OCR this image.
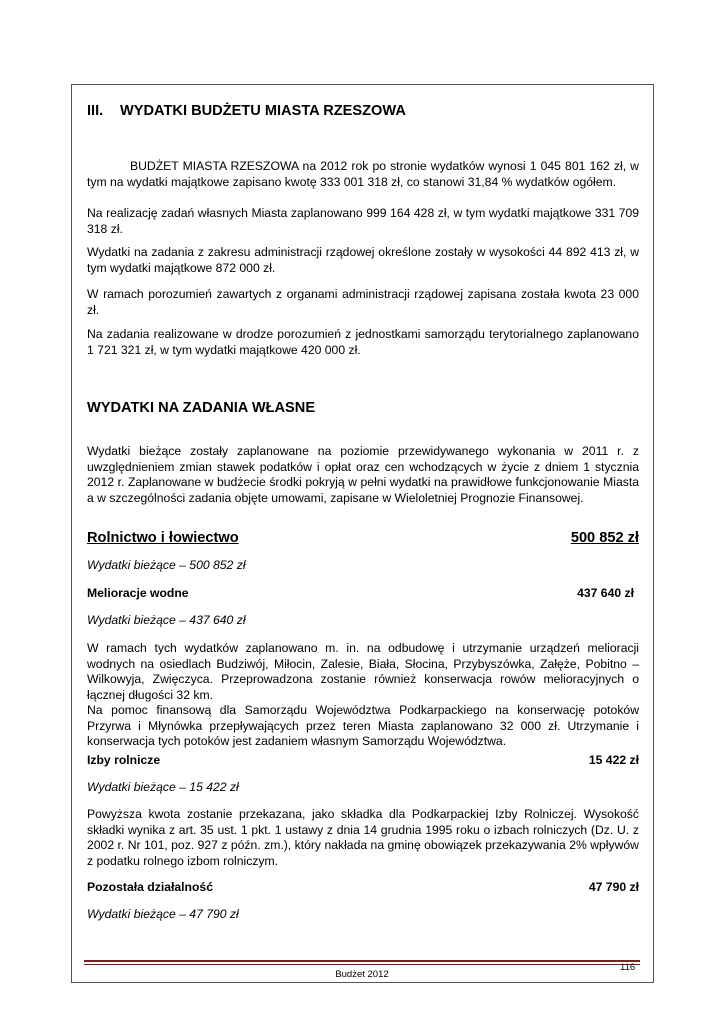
III. WYDATKI BUDŻETU MIASTA RZESZOWA

BUDŻET MIASTA RZESZOWA na 2012 rok po stronie wydatków wynosi 1 045 801 162 zł, w tym na wydatki majątkowe zapisano kwotę 333 001 318 zł, co stanowi 31,84 % wydatków ogółem.

Na realizację zadań własnych Miasta zaplanowano 999 164 428 zł, w tym wydatki majątkowe 331 709 318 zł.

Wydatki na zadania z zakresu administracji rządowej określone zostały w wysokości 44 892 413 zł, w tym wydatki majątkowe 872 000 zł.

W ramach porozumień zawartych z organami administracji rządowej zapisana została kwota 23 000 zł.

Na zadania realizowane w drodze porozumień z jednostkami samorządu terytorialnego zaplanowano 1 721 321 zł, w tym wydatki majątkowe 420 000 zł.

WYDATKI NA ZADANIA WŁASNE

Wydatki bieżące zostały zaplanowane na poziomie przewidywanego wykonania w 2011 r. z uwzględnieniem zmian stawek podatków i opłat oraz cen wchodzących w życie z dniem 1 stycznia 2012 r. Zaplanowane w budżecie środki pokryją w pełni wydatki na prawidłowe funkcjonowanie Miasta a w szczególności zadania objęte umowami, zapisane w Wieloletniej Prognozie Finansowej.

Rolnictwo i łowiectwo	500 852 zł
Wydatki bieżące – 500 852 zł
Melioracje wodne	437 640 zł
Wydatki bieżące – 437 640 zł

W ramach tych wydatków zaplanowano m. in. na odbudowę i utrzymanie urządzeń melioracji wodnych na osiedlach Budziwój, Miłocin, Zalesie, Biała, Słocina, Przybyszówka, Załęże, Pobitno – Wilkowyja, Zwięczyca. Przeprowadzona zostanie również konserwacja rowów melioracyjnych o łącznej długości 32 km.

Na pomoc finansową dla Samorządu Województwa Podkarpackiego na konserwację potoków Przyrwa i Młynówka przepływających przez teren Miasta zaplanowano 32 000 zł. Utrzymanie i konserwacja tych potoków jest zadaniem własnym Samorządu Województwa.

Izby rolnicze	15 422 zł
Wydatki bieżące – 15 422 zł

Powyższa kwota zostanie przekazana, jako składka dla Podkarpackiej Izby Rolniczej. Wysokość składki wynika z art. 35 ust. 1 pkt. 1 ustawy z dnia 14 grudnia 1995 roku o izbach rolniczych (Dz. U. z 2002 r. Nr 101, poz. 927 z późn. zm.), który nakłada na gminę obowiązek przekazywania 2% wpływów z podatku rolnego izbom rolniczym.

Pozostała działalność	47 790 zł
Wydatki bieżące – 47 790 zł
Budżet 2012
116
